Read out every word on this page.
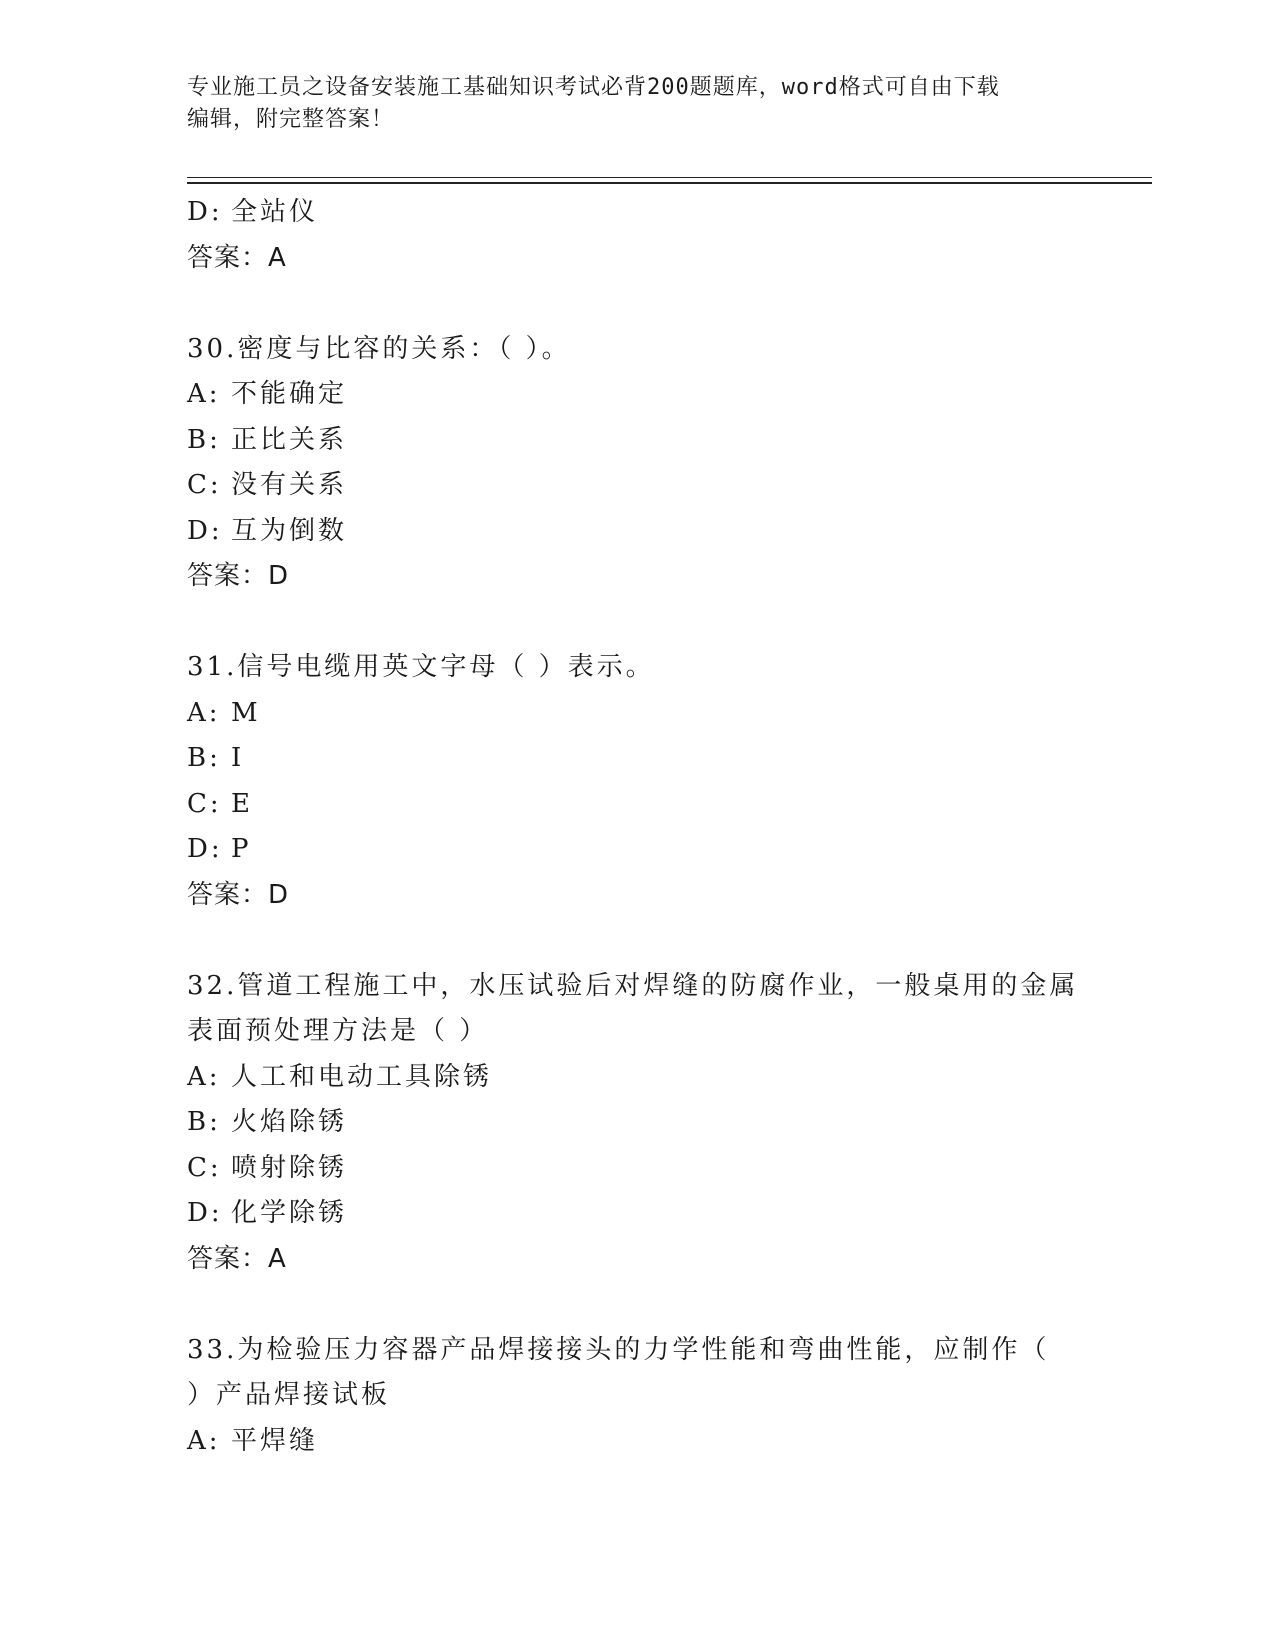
专业施工员之设备安装施工基础知识考试必背200题题库，word格式可自由下载
编辑，附完整答案！
D: 全站仪
答案：A
30.密度与比容的关系：（ ）。
A: 不能确定
B: 正比关系
C: 没有关系
D: 互为倒数
答案：D
31.信号电缆用英文字母（ ）表示。
A: M
B: I
C: E
D: P
答案：D
32.管道工程施工中，水压试验后对焊缝的防腐作业，一般桌用的金属
表面预处理方法是（ ）
A: 人工和电动工具除锈
B: 火焰除锈
C: 喷射除锈
D: 化学除锈
答案：A
33.为检验压力容器产品焊接接头的力学性能和弯曲性能，应制作（
）产品焊接试板
A: 平焊缝
